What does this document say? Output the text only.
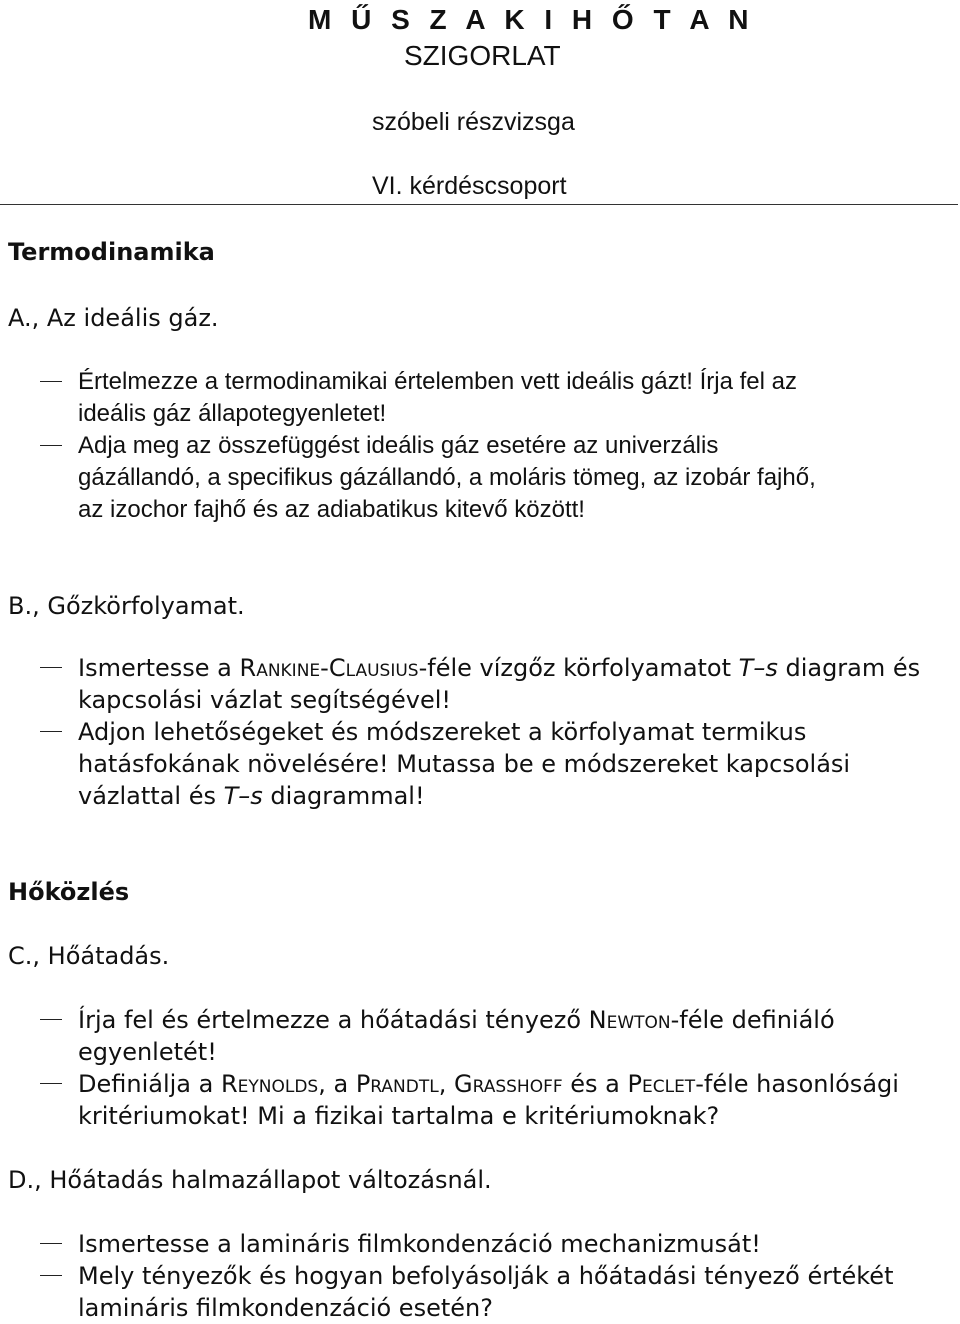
M Ű S Z A K I H Ő T A N
SZIGORLAT
szóbeli részvizsga
VI. kérdéscsoport
Termodinamika
A., Az ideális gáz.
Értelmezze a termodinamikai értelemben vett ideális gázt! Írja fel az
ideális gáz állapotegyenletet!
Adja meg az összefüggést ideális gáz esetére az univerzális
gázállandó, a specifikus gázállandó, a moláris tömeg, az izobár fajhő,
az izochor fajhő és az adiabatikus kitevő között!
B., Gőzkörfolyamat.
Ismertesse a Rankine-Clausius-féle vízgőz körfolyamatot T–s diagram és
kapcsolási vázlat segítségével!
Adjon lehetőségeket és módszereket a körfolyamat termikus
hatásfokának növelésére! Mutassa be e módszereket kapcsolási
vázlattal és T–s diagrammal!
Hőközlés
C., Hőátadás.
Írja fel és értelmezze a hőátadási tényező Newton-féle definiáló
egyenletét!
Definiálja a Reynolds, a Prandtl, Grasshoff és a Peclet-féle hasonlósági
kritériumokat! Mi a fizikai tartalma e kritériumoknak?
D., Hőátadás halmazállapot változásnál.
Ismertesse a lamináris filmkondenzáció mechanizmusát!
Mely tényezők és hogyan befolyásolják a hőátadási tényező értékét
lamináris filmkondenzáció esetén?
